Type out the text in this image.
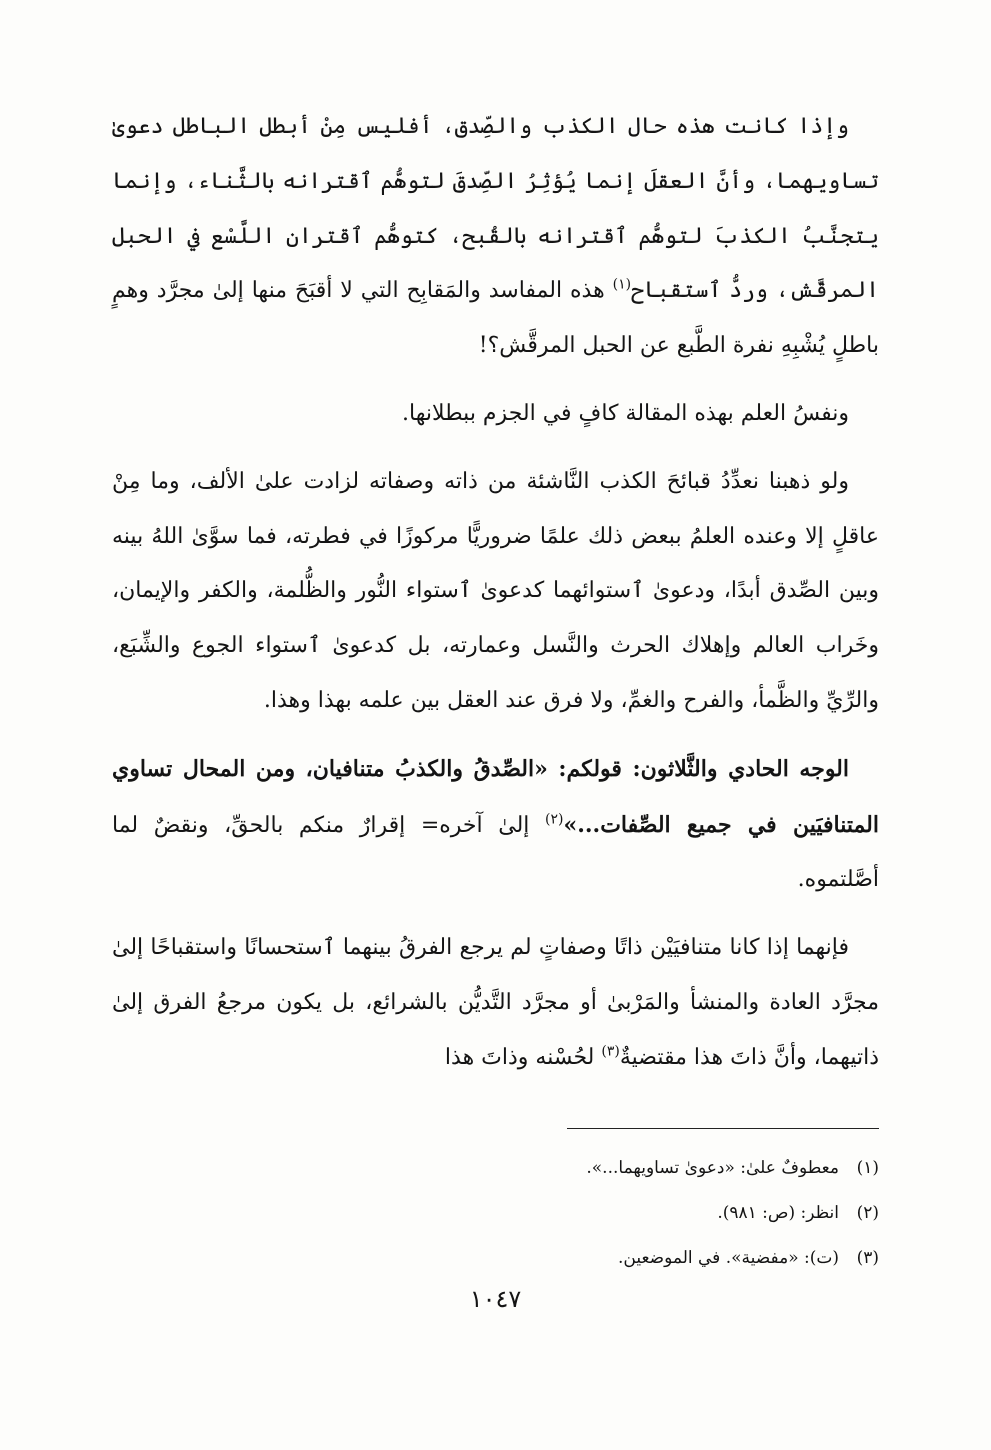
وإذا كانت هذه حال الكذب والصِّدق، أفليس مِنْ أبطل الباطل دعوىٰ تساويهما، وأنَّ العقلَ إنما يُؤثِرُ الصِّدقَ لتوهُّم ٱقترانه بالثَّناء، وإنما يتجنَّبُ الكذبَ لتوهُّم ٱقترانه بالقُبح، كتوهُّم ٱقتران اللَّسْع في الحبل المرقَّش، وردُّ ٱستقباح$^{(١)}$ هذه المفاسد والمَقابِح التي لا أقبَحَ منها إلىٰ مجرَّد وهمٍ باطلٍ يُشْبِهِ نفرة الطَّبع عن الحبل المرقَّش؟!

ونفسُ العلم بهذه المقالة كافٍ في الجزم ببطلانها.

ولو ذهبنا نعدِّدُ قبائحَ الكذب النَّاشئة من ذاته وصفاته لزادت علىٰ الألف، وما مِنْ عاقلٍ إلا وعنده العلمُ ببعض ذلك علمًا ضروريًّا مركوزًا في فطرته، فما سوَّىٰ اللهُ بينه وبين الصِّدق أبدًا، ودعوىٰ ٱستوائهما كدعوىٰ ٱستواء النُّور والظُّلمة، والكفر والإيمان، وخَراب العالم وإهلاك الحرث والنَّسل وعمارته، بل كدعوىٰ ٱستواء الجوع والشِّبَع، والرِّيِّ والظَّمأ، والفرح والغمِّ، ولا فرق عند العقل بين علمه بهذا وهذا.

الوجه الحادي والثَّلاثون: قولكم: «الصِّدقُ والكذبُ متنافيان، ومن المحال تساوي المتنافيَين في جميع الصِّفات...»$^{(٢)}$ إلىٰ آخره= إقرارٌ منكم بالحقِّ، ونقضٌ لما أصَّلتموه.

فإنهما إذا كانا متنافيَيْن ذاتًا وصفاتٍ لم يرجع الفرقُ بينهما ٱستحسانًا واستقباحًا إلىٰ مجرَّد العادة والمنشأ والمَرْبىٰ أو مجرَّد التَّديُّن بالشرائع، بل يكون مرجعُ الفرق إلىٰ ذاتيهما، وأنَّ ذاتَ هذا مقتضيةٌ$^{(٣)}$ لحُسْنه وذاتَ هذا

(١)معطوفٌ علىٰ: «دعوىٰ تساويهما...».
(٢)انظر: (ص: ٩٨١).
(٣)(ت): «مفضية». في الموضعين.
١٠٤٧
